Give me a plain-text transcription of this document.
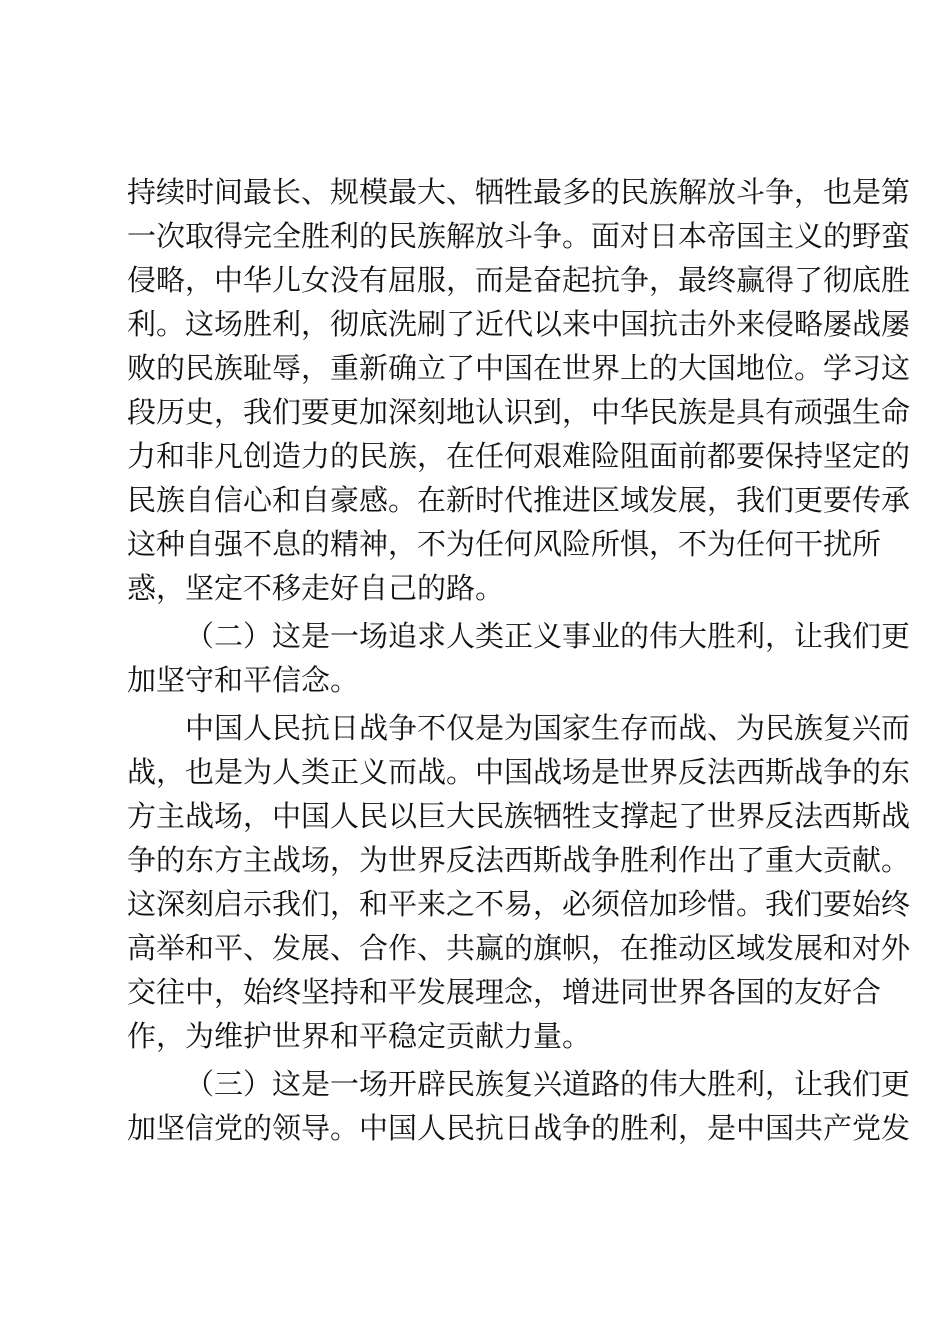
持续时间最长、规模最大、牺牲最多的民族解放斗争，也是第
一次取得完全胜利的民族解放斗争。面对日本帝国主义的野蛮
侵略，中华儿女没有屈服，而是奋起抗争，最终赢得了彻底胜
利。这场胜利，彻底洗刷了近代以来中国抗击外来侵略屡战屡
败的民族耻辱，重新确立了中国在世界上的大国地位。学习这
段历史，我们要更加深刻地认识到，中华民族是具有顽强生命
力和非凡创造力的民族，在任何艰难险阻面前都要保持坚定的
民族自信心和自豪感。在新时代推进区域发展，我们更要传承
这种自强不息的精神，不为任何风险所惧，不为任何干扰所
惑，坚定不移走好自己的路。
（二）这是一场追求人类正义事业的伟大胜利，让我们更
加坚守和平信念。
中国人民抗日战争不仅是为国家生存而战、为民族复兴而
战，也是为人类正义而战。中国战场是世界反法西斯战争的东
方主战场，中国人民以巨大民族牺牲支撑起了世界反法西斯战
争的东方主战场，为世界反法西斯战争胜利作出了重大贡献。
这深刻启示我们，和平来之不易，必须倍加珍惜。我们要始终
高举和平、发展、合作、共赢的旗帜，在推动区域发展和对外
交往中，始终坚持和平发展理念，增进同世界各国的友好合
作，为维护世界和平稳定贡献力量。
（三）这是一场开辟民族复兴道路的伟大胜利，让我们更
加坚信党的领导。中国人民抗日战争的胜利，是中国共产党发
